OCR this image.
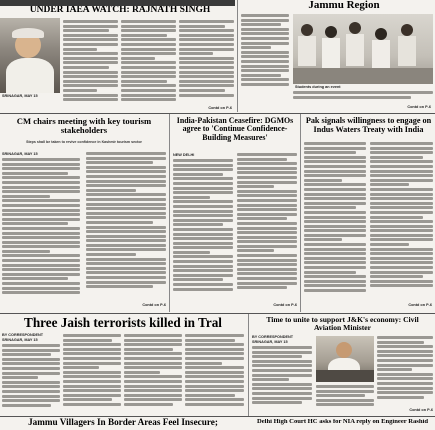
UNDER IAEA WATCH: RAJNATH SINGH
SRINAGAR, MAY 15
Contd on P-6
Jammu Region
Students during an event
Contd on P-6
CM chairs meeting with key tourism stakeholders
Steps shall be taken to revive confidence in Kashmir tourism sector
SRINAGAR, MAY 15
Contd on P-6
India-Pakistan Ceasefire: DGMOs agree to 'Continue Confidence-Building Measures'
NEW DELHI
Contd on P-6
Pak signals willingness to engage on Indus Waters Treaty with India
Contd on P-6
Three Jaish terrorists killed in Tral
BY CORRESPONDENT
SRINAGAR, MAY 15
Time to unite to support J&K's economy: Civil Aviation Minister
BY CORRESPONDENT
SRINAGAR, MAY 15
Contd on P-6
Jammu Villagers In Border Areas Feel Insecure;	Delhi High Court HC asks for NIA reply on Engineer Rashid
